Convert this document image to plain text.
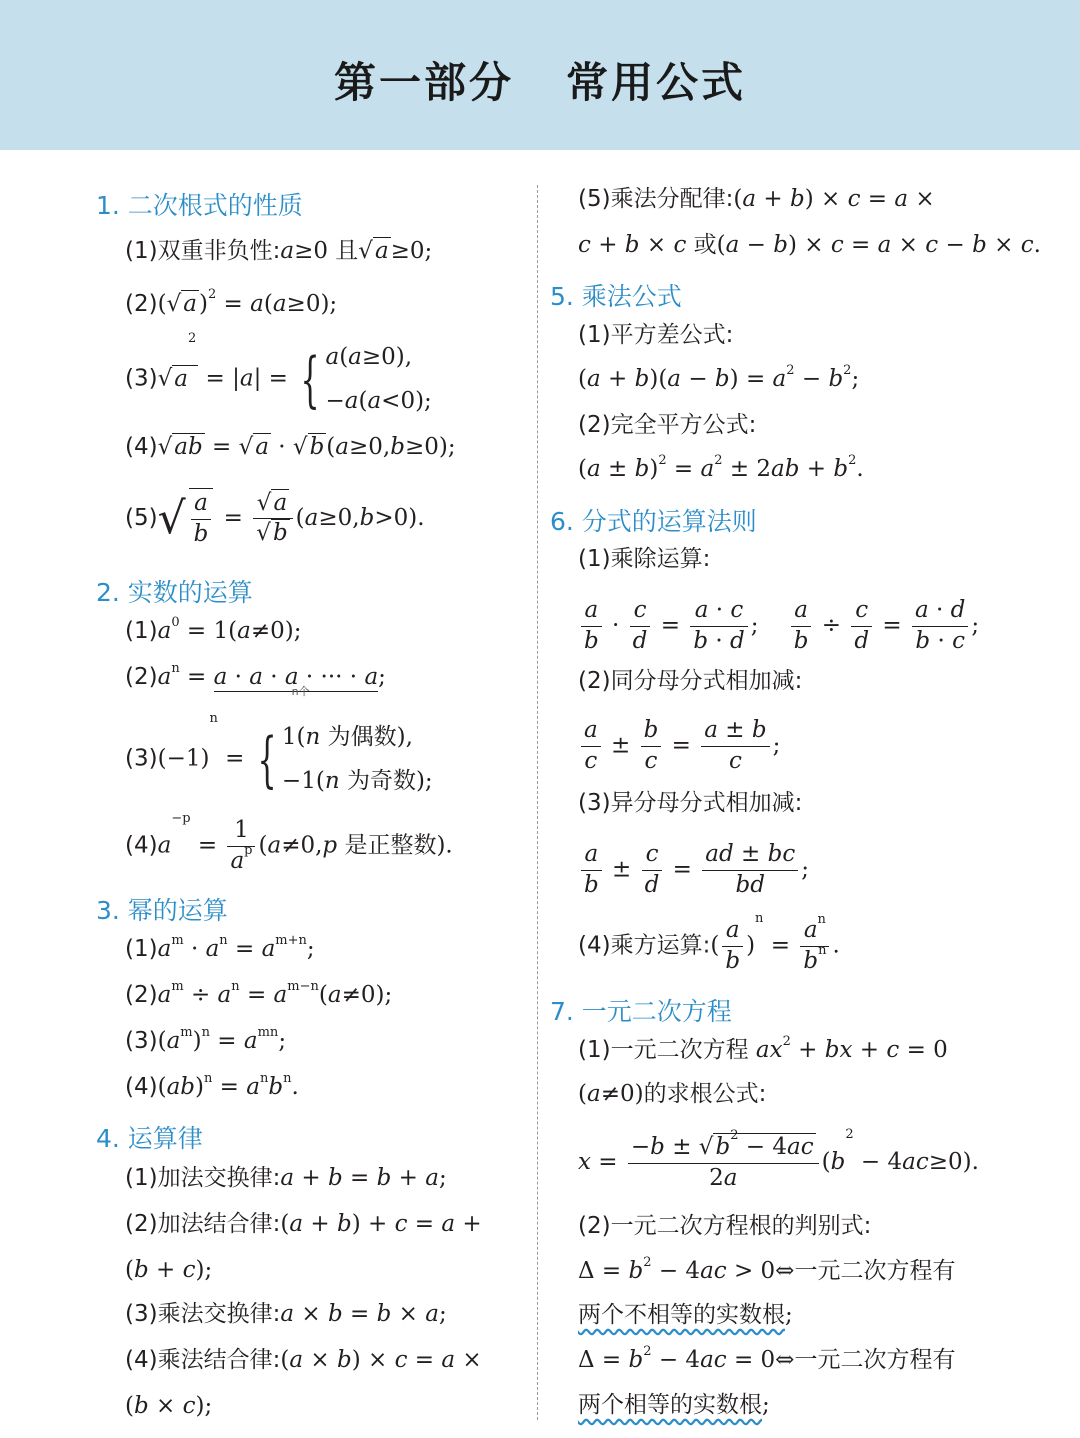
第一部分 常用公式
1. 二次根式的性质
(1)双重非负性:a≥0 且√a≥0;
$(2)(√a)^2 = a(a\ge 0)$;
$(3)√a^2 = |a|$ = { a(a≥0),
−a(a<0);
(4)√ab = √a · √b(a≥0,b≥0);
$(5)√ \frac{a}{b} = \frac{√a}{√b} (a\ge 0,b>0)$.
2. 实数的运算
$(1)a^0 = 1(a\ne 0)$;
$(2)a^n = a \cdot a \cdot a$ · ··· · a
n个
;
$(3)(-1)^n$ = { 1(n 为偶数),
−1(n 为奇数);
$(4)a^{-p} = \frac{1}{a^p} (a\ne 0,p$ 是正整数).
3. 幂的运算
$(1)a^m \cdot a^n = a^{m+n}$;
$(2)a^m \div a^n = a^{m-n}(a\ne 0)$;
$(3)(a^m)^n = a^{mn}$;
$(4)(ab)^n = a^nb^n$.
4. 运算律
(1)加法交换律:a + b = b + a;
(2)加法结合律:(a + b) + c = a +
(b + c);
(3)乘法交换律:a × b = b × a;
(4)乘法结合律:(a × b) × c = a ×
(b × c);
(5)乘法分配律:(a + b) × c = a ×
c + b × c 或(a − b) × c = a × c − b × c.
5. 乘法公式
(1)平方差公式:
$(a + b)(a - b) = a^2 - b^2$;
(2)完全平方公式:
$(a \pm b)^2 = a^2 \pm 2ab + b^2$.
6. 分式的运算法则
(1)乘除运算:
$\frac{a}{b} \cdot \frac{c}{d} = \frac{a \cdot c}{b \cdot d}$ ; $\frac{a}{b} \div \frac{c}{d} = \frac{a \cdot d}{b \cdot c}$ ;
(2)同分母分式相加减:
$\frac{a}{c} \pm \frac{b}{c} = \frac{a \pm b}{c}$ ;
(3)异分母分式相加减:
$\frac{a}{b} \pm \frac{c}{d} = \frac{ad \pm bc}{bd}$ ;
(4)乘方运算:( $\frac{a}{b} )^n = \frac{a^n}{b^n}$ .
7. 一元二次方程
(1)一元二次方程 $ax^2$ + bx + c = 0
(a≠0)的求根公式:
$x = \frac{-b \pm √b^2 - 4ac}{2a} (b^2 - 4ac\ge 0)$.
(2)一元二次方程根的判别式:
$\Delta = b^2 - 4ac$ > 0⇔一元二次方程有
两个不相等的实数根;
$\Delta = b^2 - 4ac$ = 0⇔一元二次方程有
两个相等的实数根;
